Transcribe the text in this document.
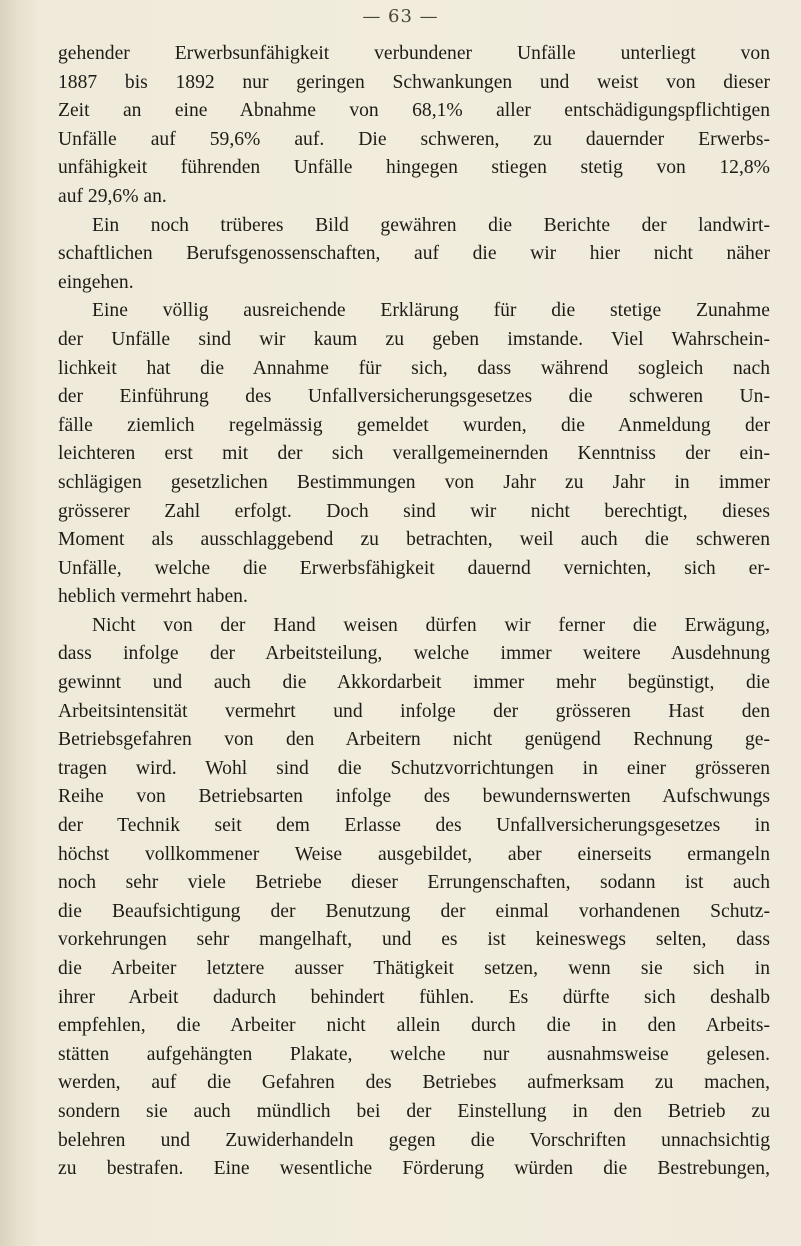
— 63 —
gehender Erwerbsunfähigkeit verbundener Unfälle unterliegt von
1887 bis 1892 nur geringen Schwankungen und weist von dieser
Zeit an eine Abnahme von 68,1% aller entschädigungspflichtigen
Unfälle auf 59,6% auf. Die schweren, zu dauernder Erwerbs-
unfähigkeit führenden Unfälle hingegen stiegen stetig von 12,8%
auf 29,6% an.
Ein noch trüberes Bild gewähren die Berichte der landwirt-
schaftlichen Berufsgenossenschaften, auf die wir hier nicht näher
eingehen.
Eine völlig ausreichende Erklärung für die stetige Zunahme
der Unfälle sind wir kaum zu geben imstande. Viel Wahrschein-
lichkeit hat die Annahme für sich, dass während sogleich nach
der Einführung des Unfallversicherungsgesetzes die schweren Un-
fälle ziemlich regelmässig gemeldet wurden, die Anmeldung der
leichteren erst mit der sich verallgemeinernden Kenntniss der ein-
schlägigen gesetzlichen Bestimmungen von Jahr zu Jahr in immer
grösserer Zahl erfolgt. Doch sind wir nicht berechtigt, dieses
Moment als ausschlaggebend zu betrachten, weil auch die schweren
Unfälle, welche die Erwerbsfähigkeit dauernd vernichten, sich er-
heblich vermehrt haben.
Nicht von der Hand weisen dürfen wir ferner die Erwägung,
dass infolge der Arbeitsteilung, welche immer weitere Ausdehnung
gewinnt und auch die Akkordarbeit immer mehr begünstigt, die
Arbeitsintensität vermehrt und infolge der grösseren Hast den
Betriebsgefahren von den Arbeitern nicht genügend Rechnung ge-
tragen wird. Wohl sind die Schutzvorrichtungen in einer grösseren
Reihe von Betriebsarten infolge des bewundernswerten Aufschwungs
der Technik seit dem Erlasse des Unfallversicherungsgesetzes in
höchst vollkommener Weise ausgebildet, aber einerseits ermangeln
noch sehr viele Betriebe dieser Errungenschaften, sodann ist auch
die Beaufsichtigung der Benutzung der einmal vorhandenen Schutz-
vorkehrungen sehr mangelhaft, und es ist keineswegs selten, dass
die Arbeiter letztere ausser Thätigkeit setzen, wenn sie sich in
ihrer Arbeit dadurch behindert fühlen. Es dürfte sich deshalb
empfehlen, die Arbeiter nicht allein durch die in den Arbeits-
stätten aufgehängten Plakate, welche nur ausnahmsweise gelesen.
werden, auf die Gefahren des Betriebes aufmerksam zu machen,
sondern sie auch mündlich bei der Einstellung in den Betrieb zu
belehren und Zuwiderhandeln gegen die Vorschriften unnachsichtig
zu bestrafen. Eine wesentliche Förderung würden die Bestrebungen,
